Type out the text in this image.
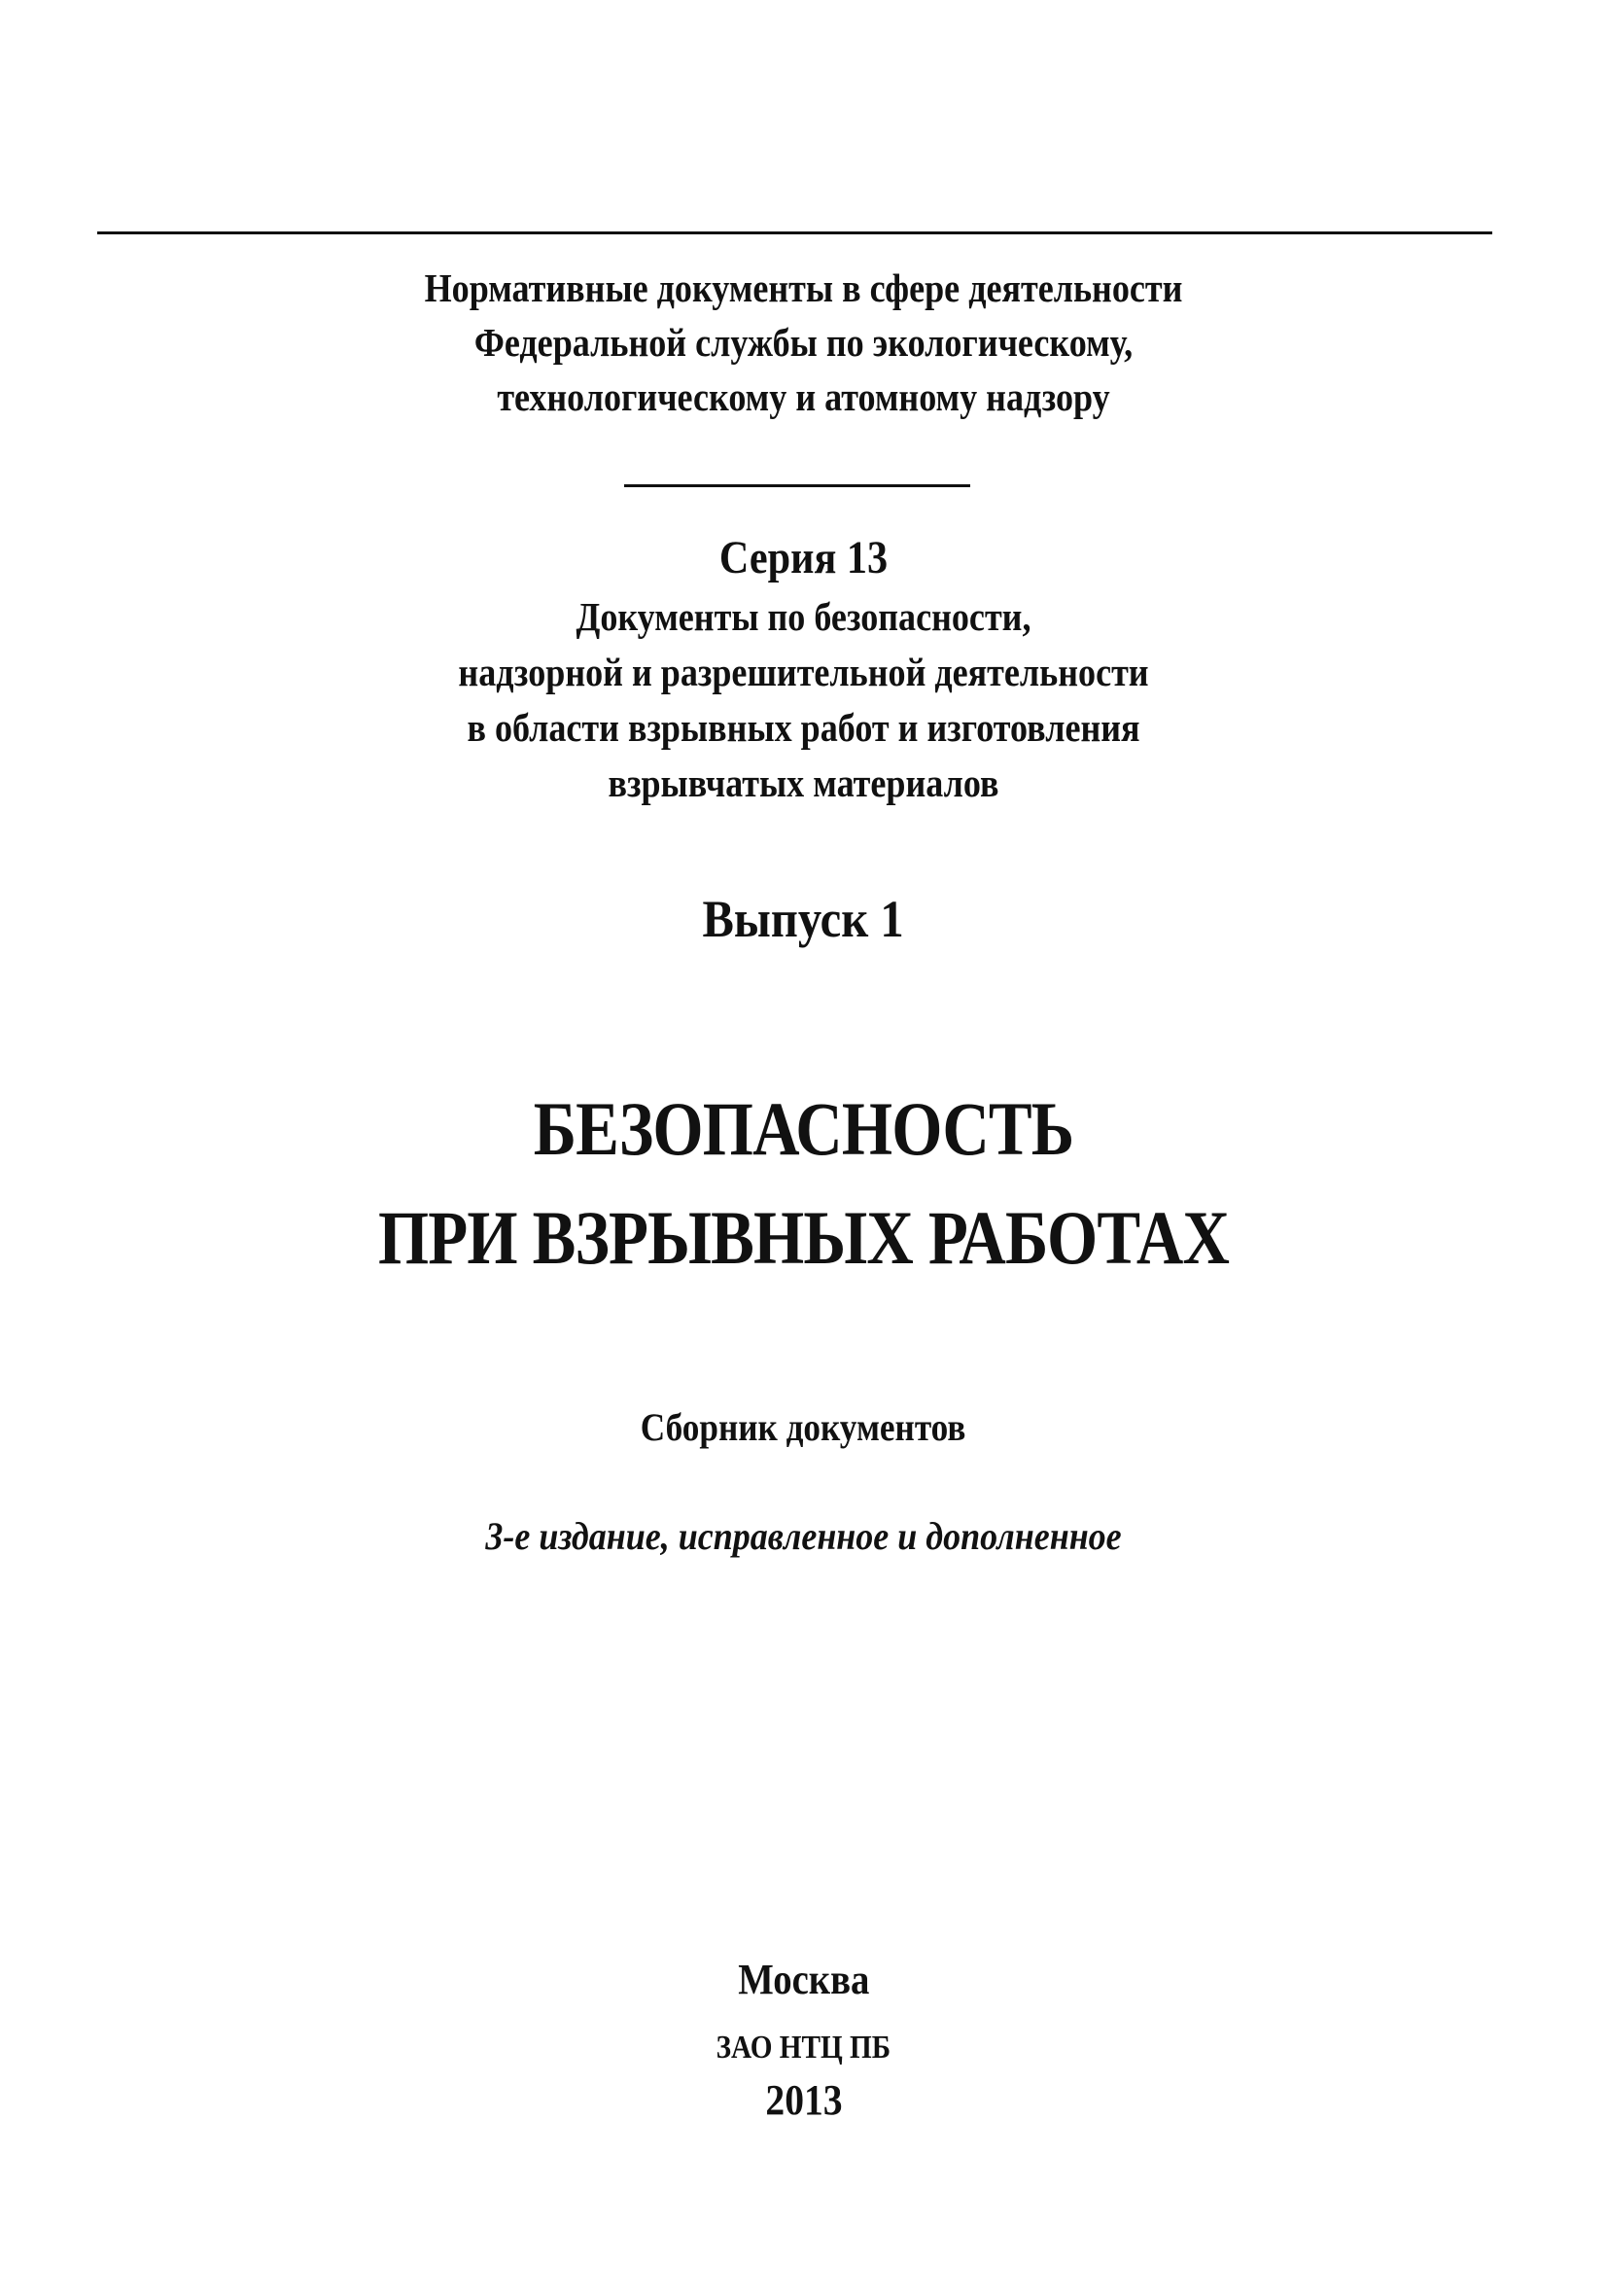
Нормативные документы в сфере деятельности
Федеральной службы по экологическому,
технологическому и атомному надзору
Серия 13
Документы по безопасности,
надзорной и разрешительной деятельности
в области взрывных работ и изготовления
взрывчатых материалов
Выпуск 1
БЕЗОПАСНОСТЬ
ПРИ ВЗРЫВНЫХ РАБОТАХ
Сборник документов
3-е издание, исправленное и дополненное
Москва
ЗАО НТЦ ПБ
2013
